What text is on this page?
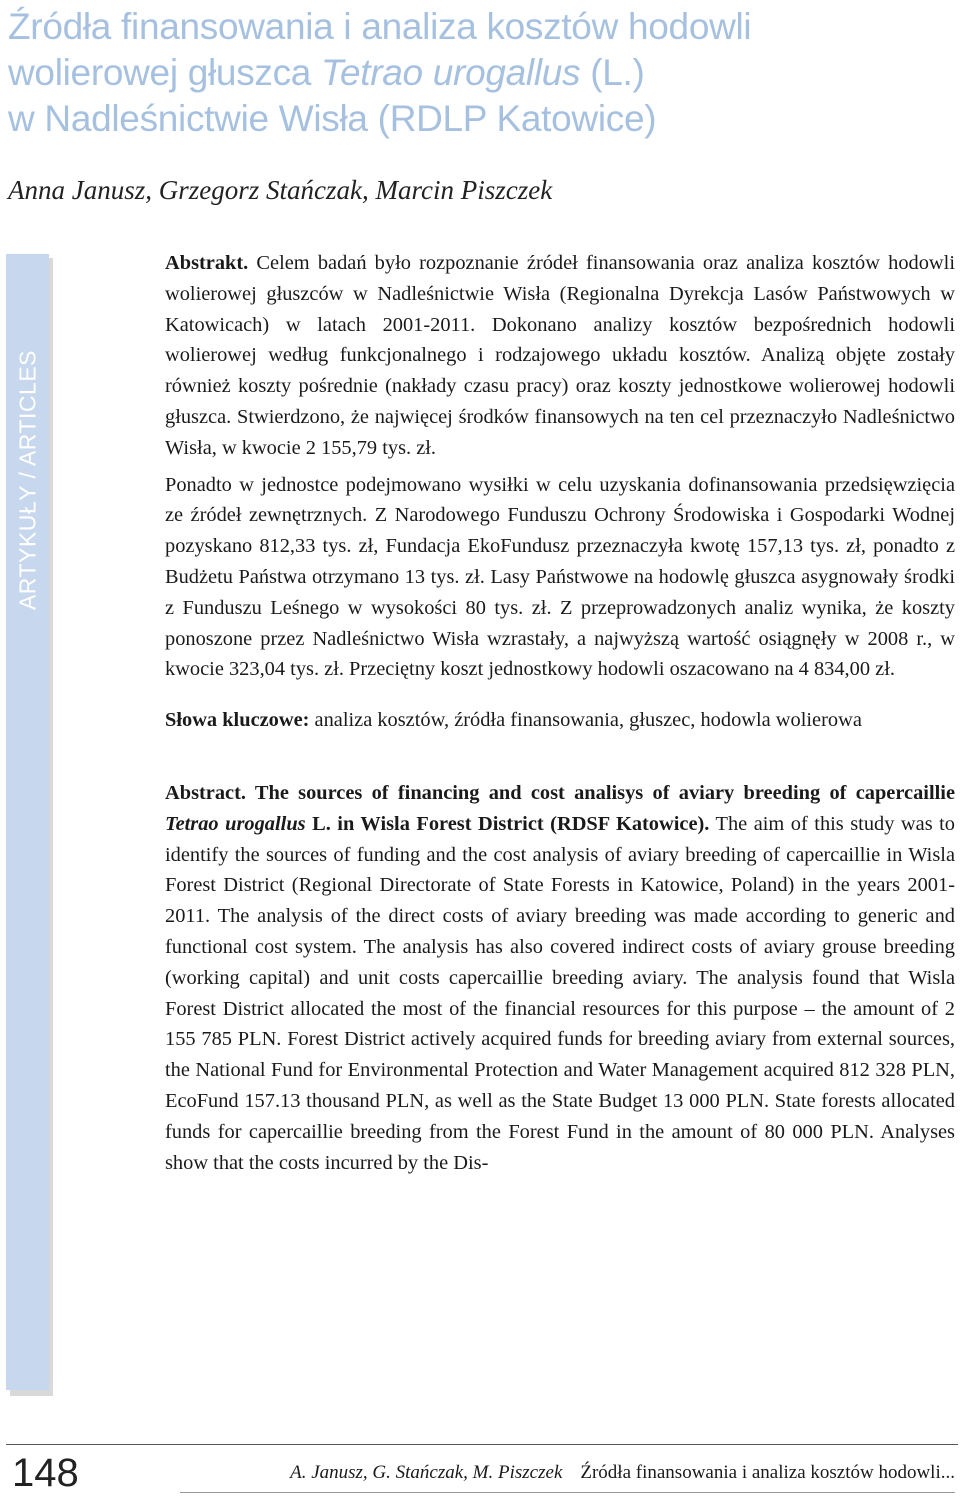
Źródła finansowania i analiza kosztów hodowli
wolierowej głuszca Tetrao urogallus (L.)
w Nadleśnictwie Wisła (RDLP Katowice)
Anna Janusz, Grzegorz Stańczak, Marcin Piszczek
ARTYKUŁY / ARTICLES

Abstrakt. Celem badań było rozpoznanie źródeł finansowania oraz analiza kosztów hodowli wolierowej głuszców w Nadleśnictwie Wisła (Regionalna Dyrekcja Lasów Państwowych w Katowicach) w latach 2001-2011. Dokonano analizy kosztów bezpośrednich hodowli wolierowej według funkcjonalnego i rodzajowego układu kosztów. Analizą objęte zostały również koszty pośrednie (nakłady czasu pracy) oraz koszty jednostkowe wolierowej hodowli głuszca. Stwierdzono, że najwięcej środków finansowych na ten cel przeznaczyło Nadleśnictwo Wisła, w kwocie 2 155,79 tys. zł.

Ponadto w jednostce podejmowano wysiłki w celu uzyskania dofinansowania przedsięwzięcia ze źródeł zewnętrznych. Z Narodowego Funduszu Ochrony Środowiska i Gospodarki Wodnej pozyskano 812,33 tys. zł, Fundacja EkoFundusz przeznaczyła kwotę 157,13 tys. zł, ponadto z Budżetu Państwa otrzymano 13 tys. zł. Lasy Państwowe na hodowlę głuszca asygnowały środki z Funduszu Leśnego w wysokości 80 tys. zł. Z przeprowadzonych analiz wynika, że koszty ponoszone przez Nadleśnictwo Wisła wzrastały, a najwyższą wartość osiągnęły w 2008 r., w kwocie 323,04 tys. zł. Przeciętny koszt jednostkowy hodowli oszacowano na 4 834,00 zł.

Słowa kluczowe: analiza kosztów, źródła finansowania, głuszec, hodowla wolierowa

Abstract. The sources of financing and cost analisys of aviary breeding of capercaillie Tetrao urogallus L. in Wisla Forest District (RDSF Katowice). The aim of this study was to identify the sources of funding and the cost analysis of aviary breeding of capercaillie in Wisla Forest District (Regional Directorate of State Forests in Katowice, Poland) in the years 2001-2011. The analysis of the direct costs of aviary breeding was made according to generic and functional cost system. The analysis has also covered indirect costs of aviary grouse breeding (working capital) and unit costs capercaillie breeding aviary. The analysis found that Wisla Forest District allocated the most of the financial resources for this purpose – the amount of 2 155 785 PLN. Forest District actively acquired funds for breeding aviary from external sources, the National Fund for Environmental Protection and Water Management acquired 812 328 PLN, EcoFund 157.13 thousand PLN, as well as the State Budget 13 000 PLN. State forests allocated funds for capercaillie breeding from the Forest Fund in the amount of 80 000 PLN. Analyses show that the costs incurred by the Dis-

148	A. Janusz, G. Stańczak, M. Piszczek Źródła finansowania i analiza kosztów hodowli...
